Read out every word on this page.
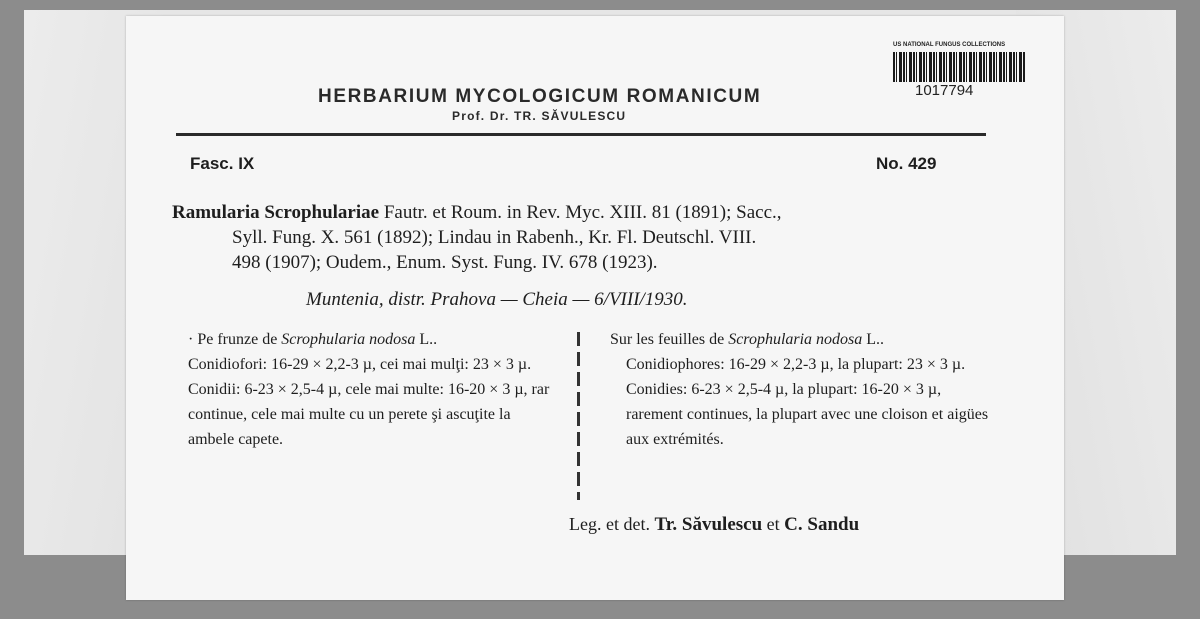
US NATIONAL FUNGUS COLLECTIONS
1017794
HERBARIUM MYCOLOGICUM ROMANICUM
Prof. Dr. TR. SĂVULESCU
Fasc. IX	No. 429
Ramularia Scrophulariae Fautr. et Roum. in Rev. Myc. XIII. 81 (1891); Sacc.,
Syll. Fung. X. 561 (1892); Lindau in Rabenh., Kr. Fl. Deutschl. VIII.
498 (1907); Oudem., Enum. Syst. Fung. IV. 678 (1923).
Muntenia, distr. Prahova — Cheia — 6/VIII/1930.

· Pe frunze de Scrophularia nodosa L..

Conidiofori: 16-29 × 2,2-3 µ, cei mai mulţi: 23 × 3 µ.

Conidii: 6-23 × 2,5-4 µ, cele mai multe: 16-20 × 3 µ, rar continue, cele mai multe cu un perete şi ascuţite la ambele capete.

Sur les feuilles de Scrophularia nodosa L..

Conidiophores: 16-29 × 2,2-3 µ, la plupart: 23 × 3 µ.

Conidies: 6-23 × 2,5-4 µ, la plupart: 16-20 × 3 µ, rarement continues, la plupart avec une cloison et aigües aux extrémités.

Leg. et det. Tr. Săvulescu et C. Sandu
